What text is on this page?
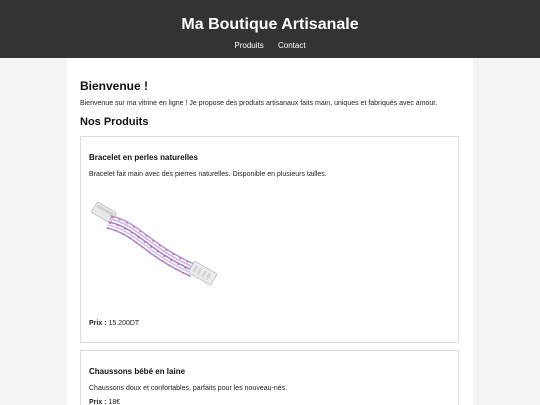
Ma Boutique Artisanale
Produits Contact
Bienvenue !

Bienvenue sur ma vitrine en ligne ! Je propose des produits artisanaux faits main, uniques et fabriqués avec amour.

Nos Produits
Bracelet en perles naturelles

Bracelet fait main avec des pierres naturelles. Disponible en plusieurs tailles.

Prix : 15.200DT

Chaussons bébé en laine

Chaussons doux et confortables, parfaits pour les nouveau-nés.

Prix : 18€
